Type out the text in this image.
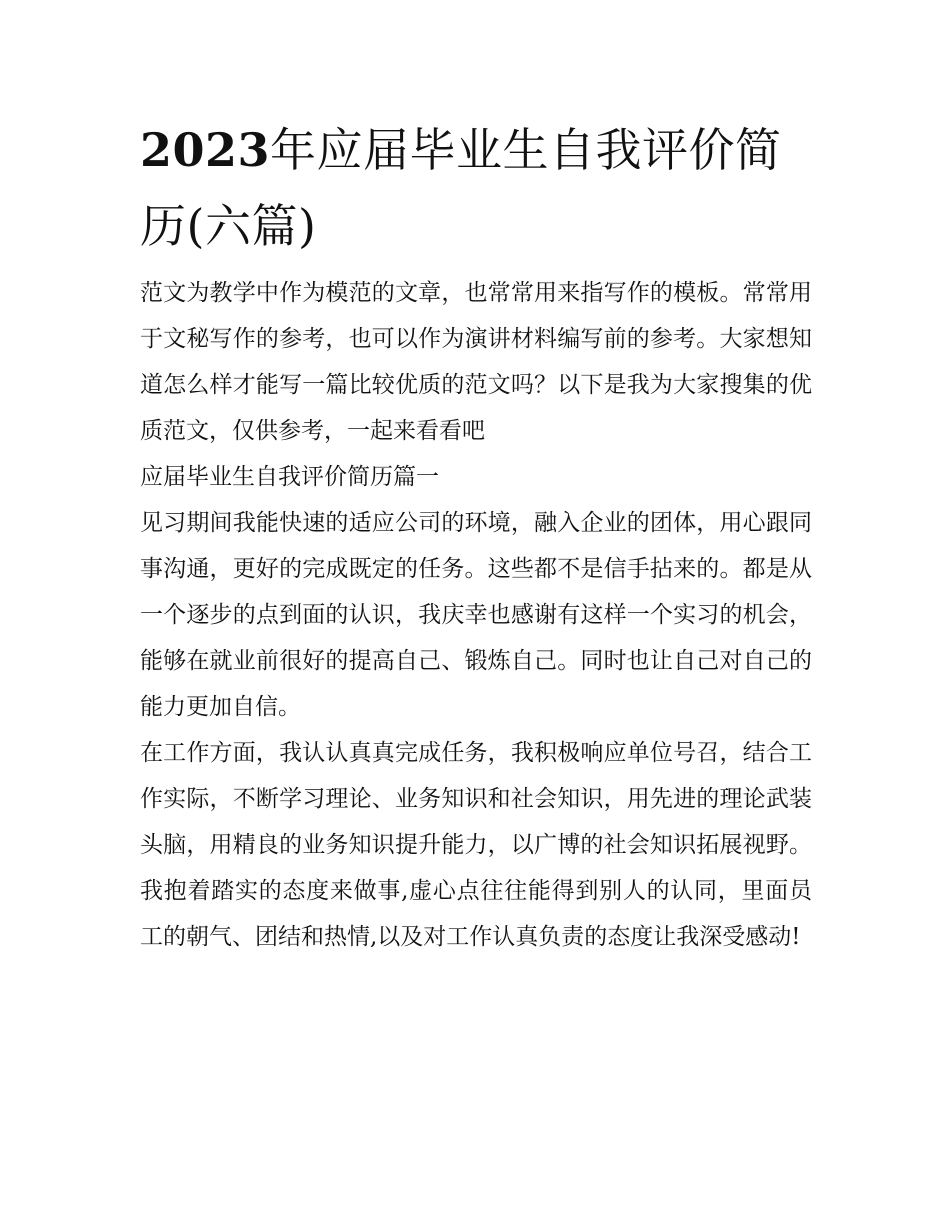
2023年应届毕业生自我评价简历(六篇)

范文为教学中作为模范的文章，也常常用来指写作的模板。常常用于文秘写作的参考，也可以作为演讲材料编写前的参考。大家想知道怎么样才能写一篇比较优质的范文吗？以下是我为大家搜集的优质范文，仅供参考，一起来看看吧

应届毕业生自我评价简历篇一

见习期间我能快速的适应公司的环境，融入企业的团体，用心跟同事沟通，更好的完成既定的任务。这些都不是信手拈来的。都是从一个逐步的点到面的认识，我庆幸也感谢有这样一个实习的机会，能够在就业前很好的提高自己、锻炼自己。同时也让自己对自己的能力更加自信。

在工作方面，我认认真真完成任务，我积极响应单位号召，结合工作实际，不断学习理论、业务知识和社会知识，用先进的理论武装头脑，用精良的业务知识提升能力，以广博的社会知识拓展视野。我抱着踏实的态度来做事,虚心点往往能得到别人的认同，里面员工的朝气、团结和热情,以及对工作认真负责的态度让我深受感动!
